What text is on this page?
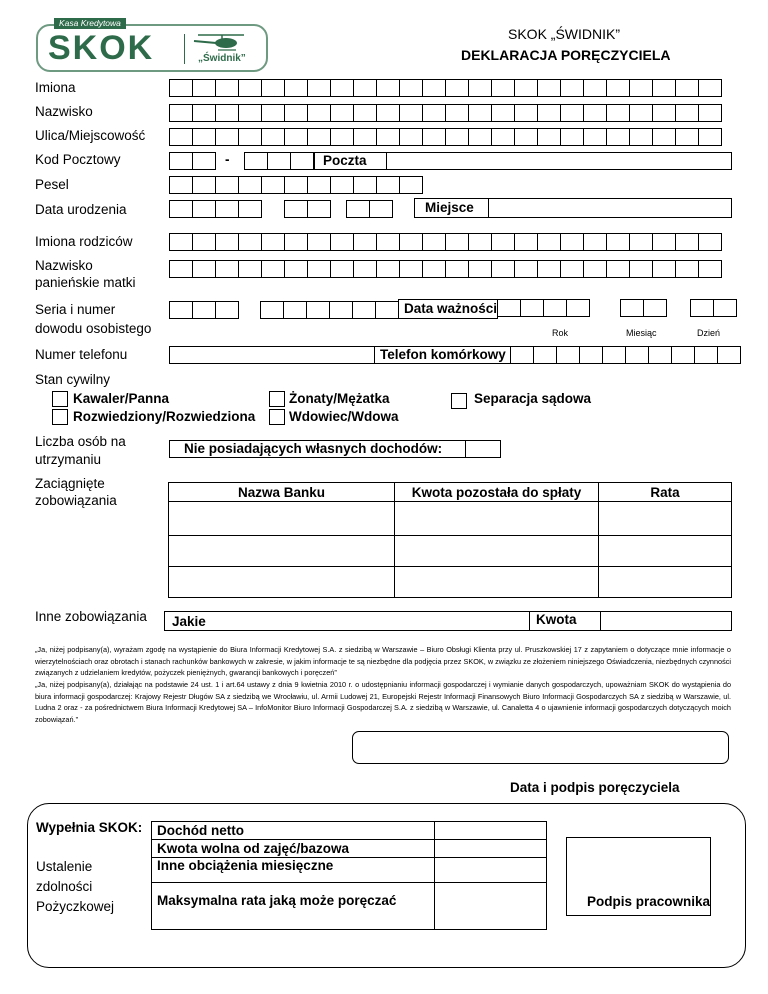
Kasa Kredytowa
SKOK	„Świdnik”
SKOK „ŚWIDNIK”
DEKLARACJA PORĘCZYCIELA
Imiona
Nazwisko
Ulica/Miejscowość
Kod Pocztowy	-	Poczta
Pesel
Data urodzenia	Miejsce
Imiona rodziców
Nazwisko
panieńskie matki
Seria i numer
dowodu osobistego
Data ważności
Rok	Miesiąc	Dzień
Numer telefonu	Telefon komórkowy
Stan cywilny
Kawaler/Panna
Rozwiedziony/Rozwiedziona
Żonaty/Mężatka
Wdowiec/Wdowa
Separacja sądowa
Liczba osób na
utrzymaniu
Nie posiadających własnych dochodów:
Zaciągnięte
zobowiązania
Nazwa Banku	Kwota pozostała do spłaty	Rata

Inne zobowiązania Jakie	Kwota
„Ja, niżej podpisany(a), wyrażam zgodę na wystąpienie do Biura Informacji Kredytowej S.A. z siedzibą w Warszawie – Biuro Obsługi Klienta przy ul. Pruszkowskiej 17 z zapytaniem o dotyczące mnie informacje o wierzytelnościach oraz obrotach i stanach rachunków bankowych w zakresie, w jakim informacje te są niezbędne dla podjęcia przez SKOK, w związku ze złożeniem niniejszego Oświadczenia, niezbędnych czynności związanych z udzielaniem kredytów, pożyczek pieniężnych, gwarancji bankowych i poręczeń”
„Ja, niżej podpisany(a), działając na podstawie 24 ust. 1 i art.64 ustawy z dnia 9 kwietnia 2010 r. o udostępnianiu informacji gospodarczej i wymianie danych gospodarczych, upoważniam SKOK do wystąpienia do biura informacji gospodarczej: Krajowy Rejestr Długów SA z siedzibą we Wrocławiu, ul. Armii Ludowej 21, Europejski Rejestr Informacji Finansowych Biuro Informacji Gospodarczych SA z siedzibą w Warszawie, ul. Ludna 2 oraz - za pośrednictwem Biura Informacji Kredytowej SA – InfoMonitor Biuro Informacji Gospodarczej S.A. z siedzibą w Warszawie, ul. Canaletta 4 o ujawnienie informacji gospodarczych dotyczących moich zobowiązań.”
Data i podpis poręczyciela
Wypełnia SKOK:
Ustalenie
zdolności
Pożyczkowej
Dochód netto	
Kwota wolna od zajęć/bazowa	
Inne obciążenia miesięczne	
Maksymalna rata jaką może poręczać		Podpis pracownika
